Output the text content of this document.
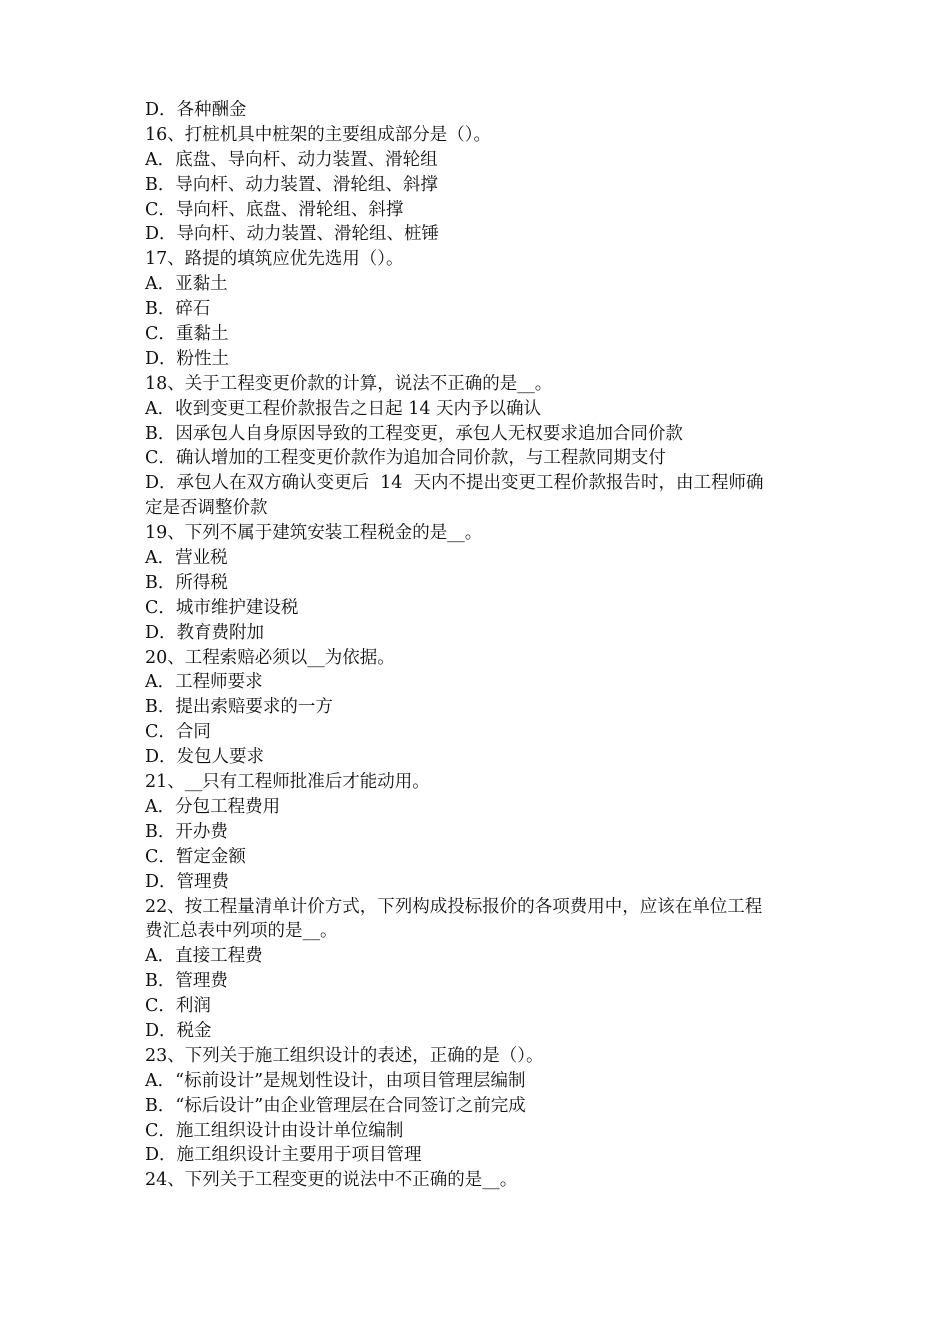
D．各种酬金
16、打桩机具中桩架的主要组成部分是（）。
A．底盘、导向杆、动力装置、滑轮组
B．导向杆、动力装置、滑轮组、斜撑
C．导向杆、底盘、滑轮组、斜撑
D．导向杆、动力装置、滑轮组、桩锤
17、路提的填筑应优先选用（）。
A．亚黏土
B．碎石
C．重黏土
D．粉性土
18、关于工程变更价款的计算，说法不正确的是__。
A．收到变更工程价款报告之日起 14 天内予以确认
B．因承包人自身原因导致的工程变更，承包人无权要求追加合同价款
C．确认增加的工程变更价款作为追加合同价款，与工程款同期支付
D．承包人在双方确认变更后  14  天内不提出变更工程价款报告时，由工程师确
定是否调整价款
19、下列不属于建筑安装工程税金的是__。
A．营业税
B．所得税
C．城市维护建设税
D．教育费附加
20、工程索赔必须以__为依据。
A．工程师要求
B．提出索赔要求的一方
C．合同
D．发包人要求
21、__只有工程师批准后才能动用。
A．分包工程费用
B．开办费
C．暂定金额
D．管理费
22、按工程量清单计价方式，下列构成投标报价的各项费用中，应该在单位工程
费汇总表中列项的是__。
A．直接工程费
B．管理费
C．利润
D．税金
23、下列关于施工组织设计的表述，正确的是（）。
A．“标前设计”是规划性设计，由项目管理层编制
B．“标后设计”由企业管理层在合同签订之前完成
C．施工组织设计由设计单位编制
D．施工组织设计主要用于项目管理
24、下列关于工程变更的说法中不正确的是__。
